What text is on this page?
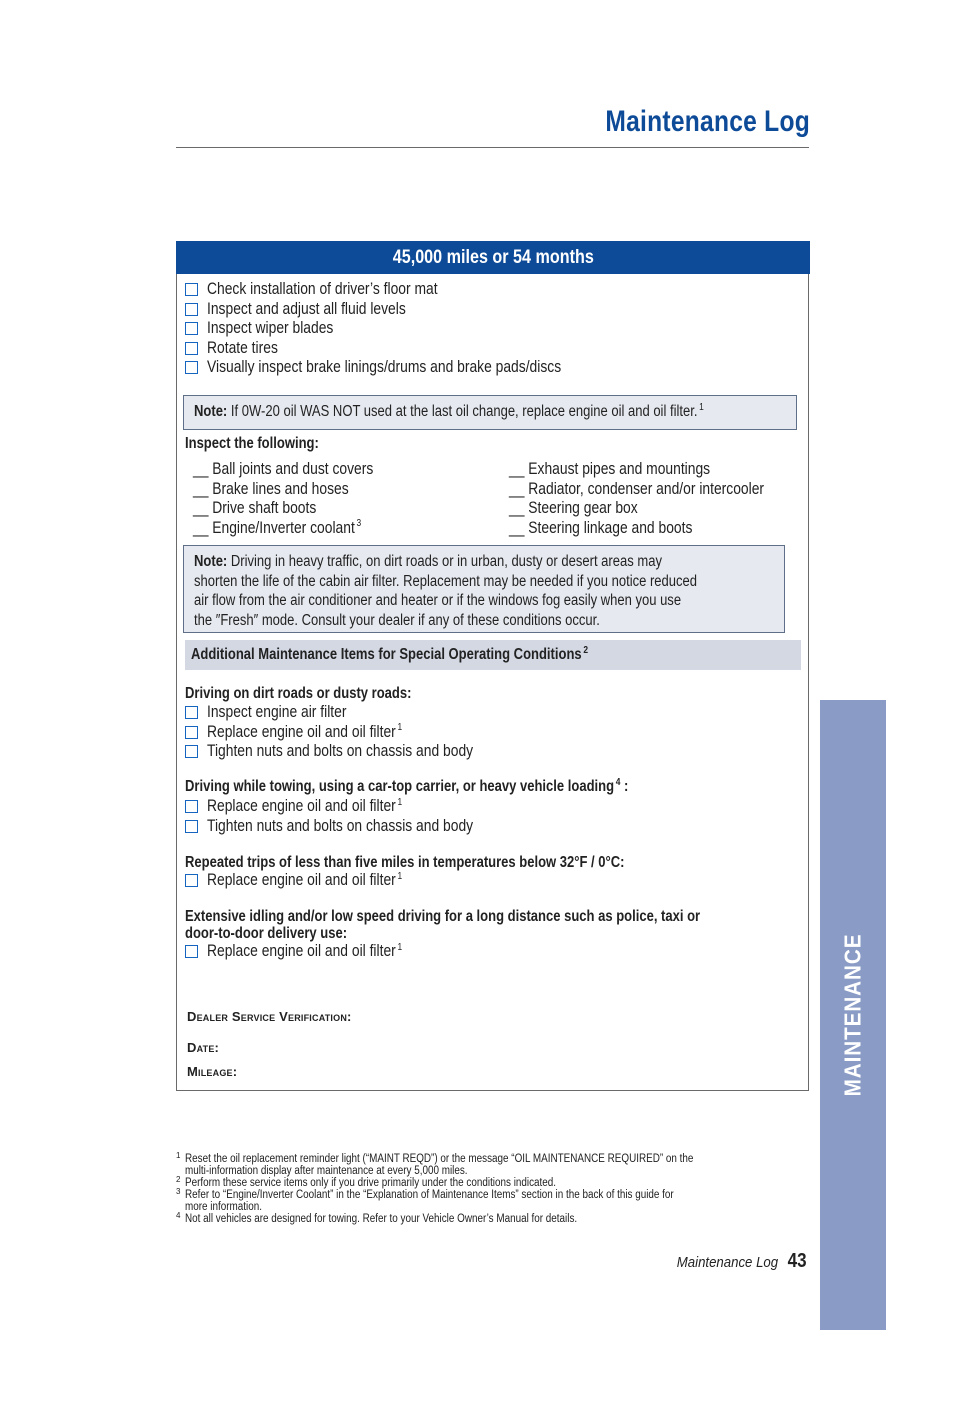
Maintenance Log
45,000 miles or 54 months
Check installation of driver’s floor mat
Inspect and adjust all fluid levels
Inspect wiper blades
Rotate tires
Visually inspect brake linings/drums and brake pads/discs
Note: If 0W-20 oil WAS NOT used at the last oil change, replace engine oil and oil filter. $^1$
Inspect the following:
__ Ball joints and dust covers
__ Brake lines and hoses
__ Drive shaft boots
__ Engine/Inverter coolant $^3$
__ Exhaust pipes and mountings
__ Radiator, condenser and/or intercooler
__ Steering gear box
__ Steering linkage and boots
Note: Driving in heavy traffic, on dirt roads or in urban, dusty or desert areas may
shorten the life of the cabin air filter. Replacement may be needed if you notice reduced
air flow from the air conditioner and heater or if the windows fog easily when you use
the ″Fresh″ mode. Consult your dealer if any of these conditions occur.
Additional Maintenance Items for Special Operating Conditions $^2$
Driving on dirt roads or dusty roads:
Inspect engine air filter
Replace engine oil and oil filter $^1$
Tighten nuts and bolts on chassis and body
Driving while towing, using a car-top carrier, or heavy vehicle loading $^4$ :
Replace engine oil and oil filter $^1$
Tighten nuts and bolts on chassis and body
Repeated trips of less than five miles in temperatures below 32°F / 0°C:
Replace engine oil and oil filter $^1$
Extensive idling and/or low speed driving for a long distance such as police, taxi or
door-to-door delivery use:
Replace engine oil and oil filter $^1$
Dealer Service Verification:
Date:
Mileage:
1 Reset the oil replacement reminder light (“MAINT REQD”) or the message “OIL MAINTENANCE REQUIRED” on the
multi-information display after maintenance at every 5,000 miles.
2 Perform these service items only if you drive primarily under the conditions indicated.
3 Refer to “Engine/Inverter Coolant” in the “Explanation of Maintenance Items” section in the back of this guide for
more information.
4 Not all vehicles are designed for towing. Refer to your Vehicle Owner’s Manual for details.
Maintenance Log 43
MAINTENANCE
